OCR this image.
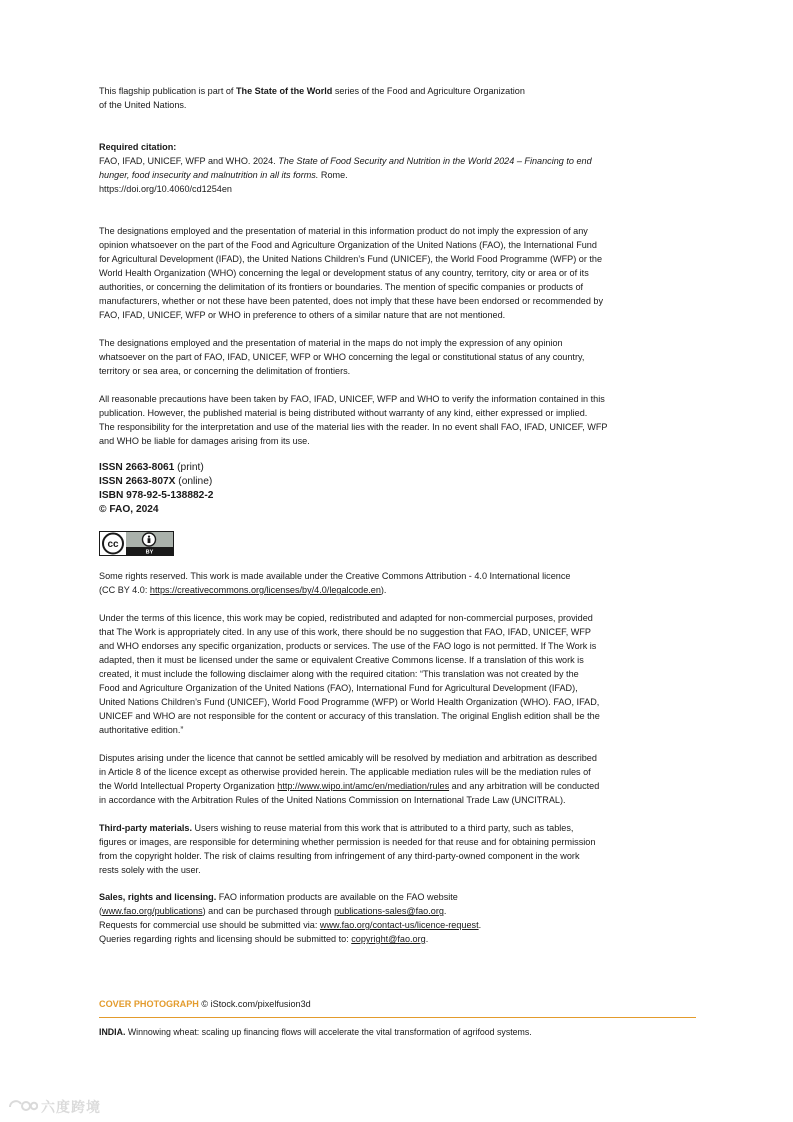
This flagship publication is part of The State of the World series of the Food and Agriculture Organization

of the United Nations.

Required citation:

FAO, IFAD, UNICEF, WFP and WHO. 2024. The State of Food Security and Nutrition in the World 2024 – Financing to end

hunger, food insecurity and malnutrition in all its forms. Rome.

https://doi.org/10.4060/cd1254en

The designations employed and the presentation of material in this information product do not imply the expression of any

opinion whatsoever on the part of the Food and Agriculture Organization of the United Nations (FAO), the International Fund

for Agricultural Development (IFAD), the United Nations Children’s Fund (UNICEF), the World Food Programme (WFP) or the

World Health Organization (WHO) concerning the legal or development status of any country, territory, city or area or of its

authorities, or concerning the delimitation of its frontiers or boundaries. The mention of specific companies or products of

manufacturers, whether or not these have been patented, does not imply that these have been endorsed or recommended by

FAO, IFAD, UNICEF, WFP or WHO in preference to others of a similar nature that are not mentioned.

The designations employed and the presentation of material in the maps do not imply the expression of any opinion

whatsoever on the part of FAO, IFAD, UNICEF, WFP or WHO concerning the legal or constitutional status of any country,

territory or sea area, or concerning the delimitation of frontiers.

All reasonable precautions have been taken by FAO, IFAD, UNICEF, WFP and WHO to verify the information contained in this

publication. However, the published material is being distributed without warranty of any kind, either expressed or implied.

The responsibility for the interpretation and use of the material lies with the reader. In no event shall FAO, IFAD, UNICEF, WFP

and WHO be liable for damages arising from its use.

ISSN 2663-8061 (print)

ISSN 2663-807X (online)

ISBN 978-92-5-138882-2

© FAO, 2024

cc
BY

Some rights reserved. This work is made available under the Creative Commons Attribution - 4.0 International licence

(CC BY 4.0: https://creativecommons.org/licenses/by/4.0/legalcode.en).

Under the terms of this licence, this work may be copied, redistributed and adapted for non-commercial purposes, provided

that The Work is appropriately cited. In any use of this work, there should be no suggestion that FAO, IFAD, UNICEF, WFP

and WHO endorses any specific organization, products or services. The use of the FAO logo is not permitted. If The Work is

adapted, then it must be licensed under the same or equivalent Creative Commons license. If a translation of this work is

created, it must include the following disclaimer along with the required citation: “This translation was not created by the

Food and Agriculture Organization of the United Nations (FAO), International Fund for Agricultural Development (IFAD),

United Nations Children’s Fund (UNICEF), World Food Programme (WFP) or World Health Organization (WHO). FAO, IFAD,

UNICEF and WHO are not responsible for the content or accuracy of this translation. The original English edition shall be the

authoritative edition.”

Disputes arising under the licence that cannot be settled amicably will be resolved by mediation and arbitration as described

in Article 8 of the licence except as otherwise provided herein. The applicable mediation rules will be the mediation rules of

the World Intellectual Property Organization http://www.wipo.int/amc/en/mediation/rules and any arbitration will be conducted

in accordance with the Arbitration Rules of the United Nations Commission on International Trade Law (UNCITRAL).

Third-party materials. Users wishing to reuse material from this work that is attributed to a third party, such as tables,

figures or images, are responsible for determining whether permission is needed for that reuse and for obtaining permission

from the copyright holder. The risk of claims resulting from infringement of any third-party-owned component in the work

rests solely with the user.

Sales, rights and licensing. FAO information products are available on the FAO website

(www.fao.org/publications) and can be purchased through publications-sales@fao.org.

Requests for commercial use should be submitted via: www.fao.org/contact-us/licence-request.

Queries regarding rights and licensing should be submitted to: copyright@fao.org.

COVER PHOTOGRAPH © iStock.com/pixelfusion3d
INDIA. Winnowing wheat: scaling up financing flows will accelerate the vital transformation of agrifood systems.
六度跨境
